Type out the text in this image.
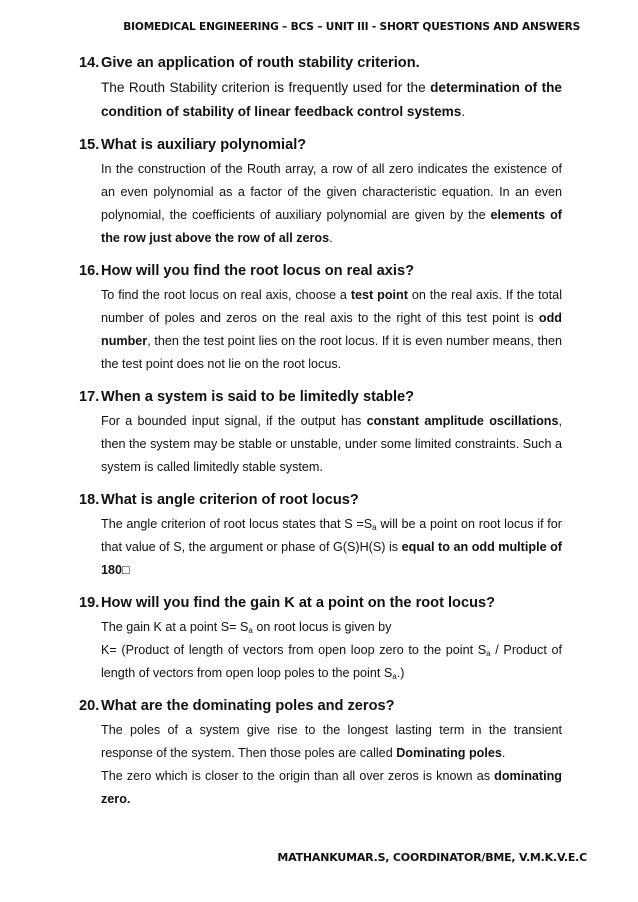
BIOMEDICAL ENGINEERING – BCS – UNIT III - SHORT QUESTIONS AND ANSWERS
14. Give an application of routh stability criterion.

The Routh Stability criterion is frequently used for the determination of the condition of stability of linear feedback control systems.

15. What is auxiliary polynomial?

In the construction of the Routh array, a row of all zero indicates the existence of an even polynomial as a factor of the given characteristic equation. In an even polynomial, the coefficients of auxiliary polynomial are given by the elements of the row just above the row of all zeros.

16. How will you find the root locus on real axis?

To find the root locus on real axis, choose a test point on the real axis. If the total number of poles and zeros on the real axis to the right of this test point is odd number, then the test point lies on the root locus. If it is even number means, then the test point does not lie on the root locus.

17. When a system is said to be limitedly stable?

For a bounded input signal, if the output has constant amplitude oscillations, then the system may be stable or unstable, under some limited constraints. Such a system is called limitedly stable system.

18. What is angle criterion of root locus?

The angle criterion of root locus states that $S =S_a$ will be a point on root locus if for that value of S, the argument or phase of G(S)H(S) is equal to an odd multiple of 180□

19. How will you find the gain K at a point on the root locus?

The gain K at a point $S= S_a$ on root locus is given by

K= (Product of length of vectors from open loop zero to the point $S_a$ / Product of length of vectors from open loop poles to the point $S_a$.)

20. What are the dominating poles and zeros?

The poles of a system give rise to the longest lasting term in the transient response of the system. Then those poles are called Dominating poles.

The zero which is closer to the origin than all over zeros is known as dominating zero.

MATHANKUMAR.S, COORDINATOR/BME, V.M.K.V.E.C
